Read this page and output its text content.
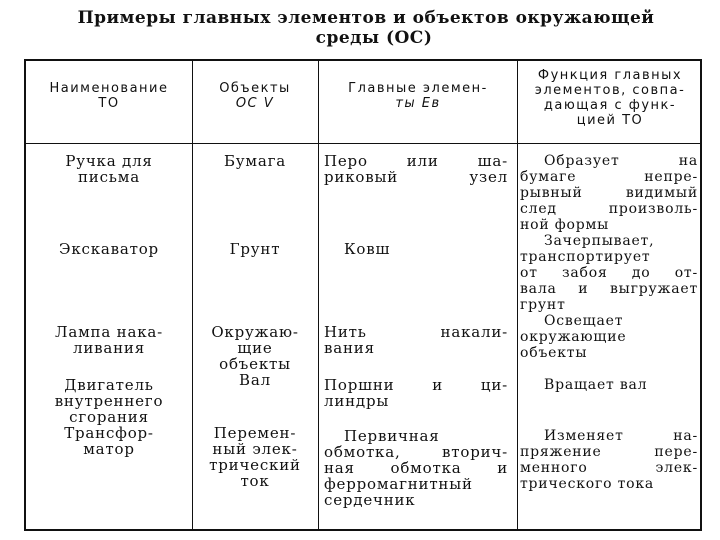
Примеры главных элементов и объектов окружающей
среды (ОС)
Наименование
ТО
Объекты
ОС V
Главные элемен-
ты Eв
Функция главных
элементов, совпа-
дающая с функ-
цией ТО
Ручка для
письма
Экскаватор
Лампа нака-
ливания
Двигатель
внутреннего
сгорания
Трансфор-
матор
Бумага
Грунт
Окружаю-
щие
объекты
Вал
Перемен-
ный элек-
трический
ток
Перо или ша-
риковый узел
Ковш
Нить накали-
вания
Поршни и ци-
линдры
Первичная
обмотка, вторич-
ная обмотка и
ферромагнитный
сердечник
Образует на
бумаге непре-
рывный видимый
след произволь-
ной формы
Зачерпывает,
транспортирует
от забоя до от-
вала и выгружает
грунт
Освещает
окружающие
объекты
Вращает вал
Изменяет на-
пряжение пере-
менного элек-
трического тока
